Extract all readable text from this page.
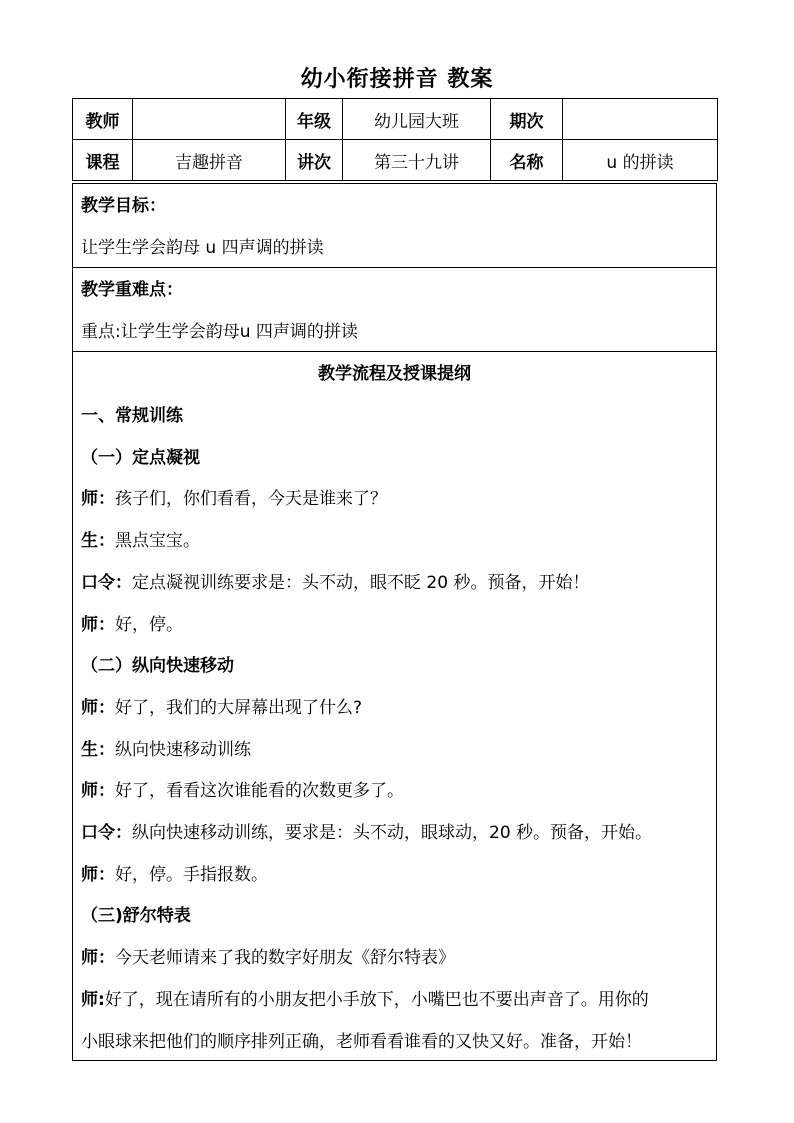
幼小衔接拼音 教案
教师		年级	幼儿园大班	期次	
课程	吉趣拼音	讲次	第三十九讲	名称	u 的拼读
教学目标：
让学生学会韵母 u 四声调的拼读
教学重难点：
重点:让学生学会韵母u 四声调的拼读
教学流程及授课提纲
一、常规训练
（一）定点凝视
师：孩子们，你们看看，今天是谁来了？
生：黑点宝宝。
口令：定点凝视训练要求是：头不动，眼不眨 20 秒。预备，开始！
师：好，停。
（二）纵向快速移动
师：好了，我们的大屏幕出现了什么?
生：纵向快速移动训练
师：好了，看看这次谁能看的次数更多了。
口令：纵向快速移动训练，要求是：头不动，眼球动，20 秒。预备，开始。
师：好，停。手指报数。
（三)舒尔特表
师：今天老师请来了我的数字好朋友《舒尔特表》
师:好了，现在请所有的小朋友把小手放下，小嘴巴也不要出声音了。用你的
小眼球来把他们的顺序排列正确，老师看看谁看的又快又好。准备，开始！
